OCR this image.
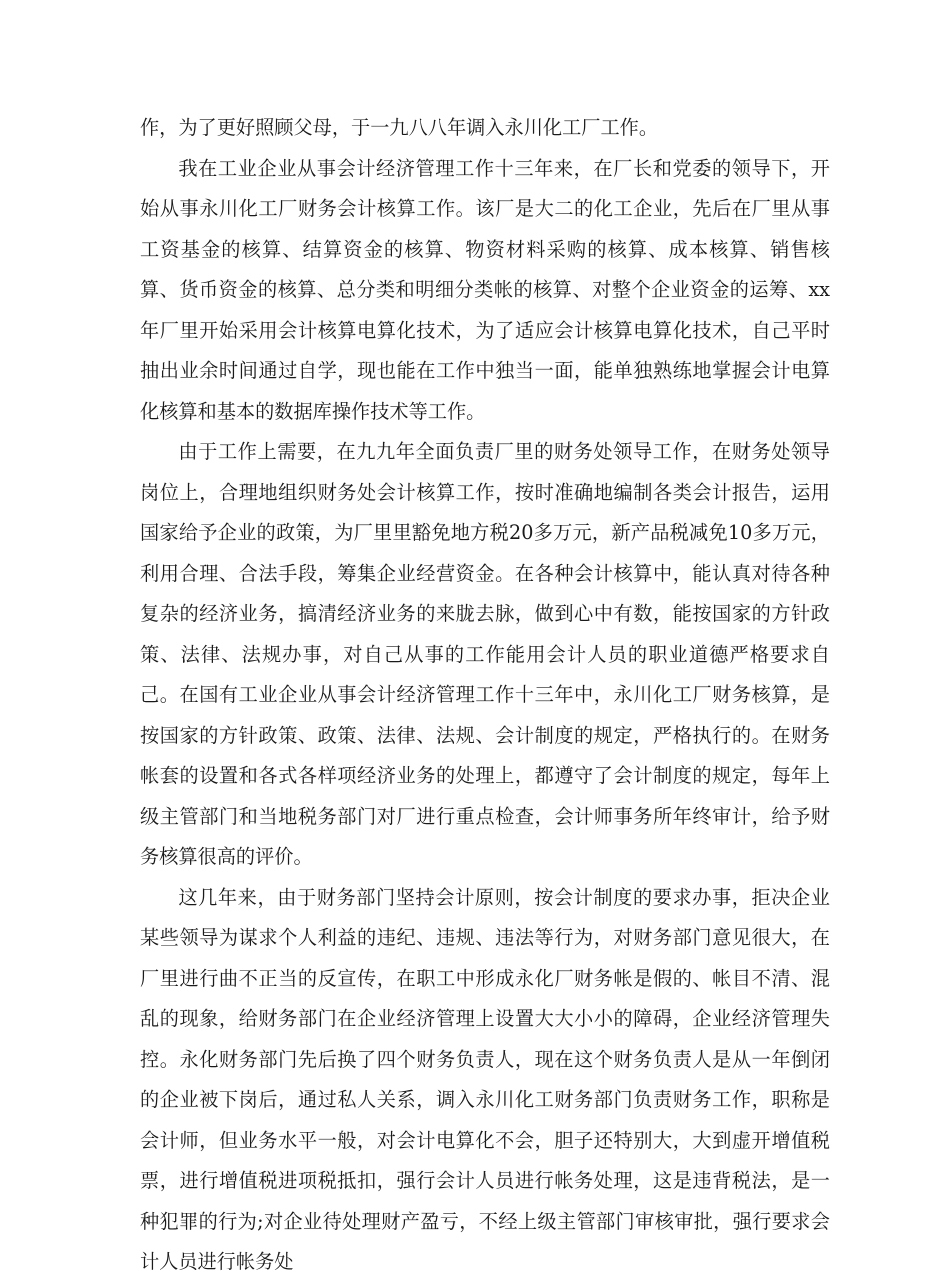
作，为了更好照顾父母，于一九八八年调入永川化工厂工作。

我在工业企业从事会计经济管理工作十三年来，在厂长和党委的领导下，开始从事永川化工厂财务会计核算工作。该厂是大二的化工企业，先后在厂里从事工资基金的核算、结算资金的核算、物资材料采购的核算、成本核算、销售核算、货币资金的核算、总分类和明细分类帐的核算、对整个企业资金的运筹、xx年厂里开始采用会计核算电算化技术，为了适应会计核算电算化技术，自己平时抽出业余时间通过自学，现也能在工作中独当一面，能单独熟练地掌握会计电算化核算和基本的数据库操作技术等工作。

由于工作上需要，在九九年全面负责厂里的财务处领导工作，在财务处领导岗位上，合理地组织财务处会计核算工作，按时准确地编制各类会计报告，运用国家给予企业的政策，为厂里里豁免地方税20多万元，新产品税减免10多万元，利用合理、合法手段，筹集企业经营资金。在各种会计核算中，能认真对待各种复杂的经济业务，搞清经济业务的来胧去脉，做到心中有数，能按国家的方针政策、法律、法规办事，对自己从事的工作能用会计人员的职业道德严格要求自己。在国有工业企业从事会计经济管理工作十三年中，永川化工厂财务核算，是按国家的方针政策、政策、法律、法规、会计制度的规定，严格执行的。在财务帐套的设置和各式各样项经济业务的处理上，都遵守了会计制度的规定，每年上级主管部门和当地税务部门对厂进行重点检查，会计师事务所年终审计，给予财务核算很高的评价。

这几年来，由于财务部门坚持会计原则，按会计制度的要求办事，拒决企业某些领导为谋求个人利益的违纪、违规、违法等行为，对财务部门意见很大，在厂里进行曲不正当的反宣传，在职工中形成永化厂财务帐是假的、帐目不清、混乱的现象，给财务部门在企业经济管理上设置大大小小的障碍，企业经济管理失控。永化财务部门先后换了四个财务负责人，现在这个财务负责人是从一年倒闭的企业被下岗后，通过私人关系，调入永川化工财务部门负责财务工作，职称是会计师，但业务水平一般，对会计电算化不会，胆子还特别大，大到虚开增值税票，进行增值税进项税抵扣，强行会计人员进行帐务处理，这是违背税法，是一种犯罪的行为;对企业待处理财产盈亏，不经上级主管部门审核审批，强行要求会计人员进行帐务处
